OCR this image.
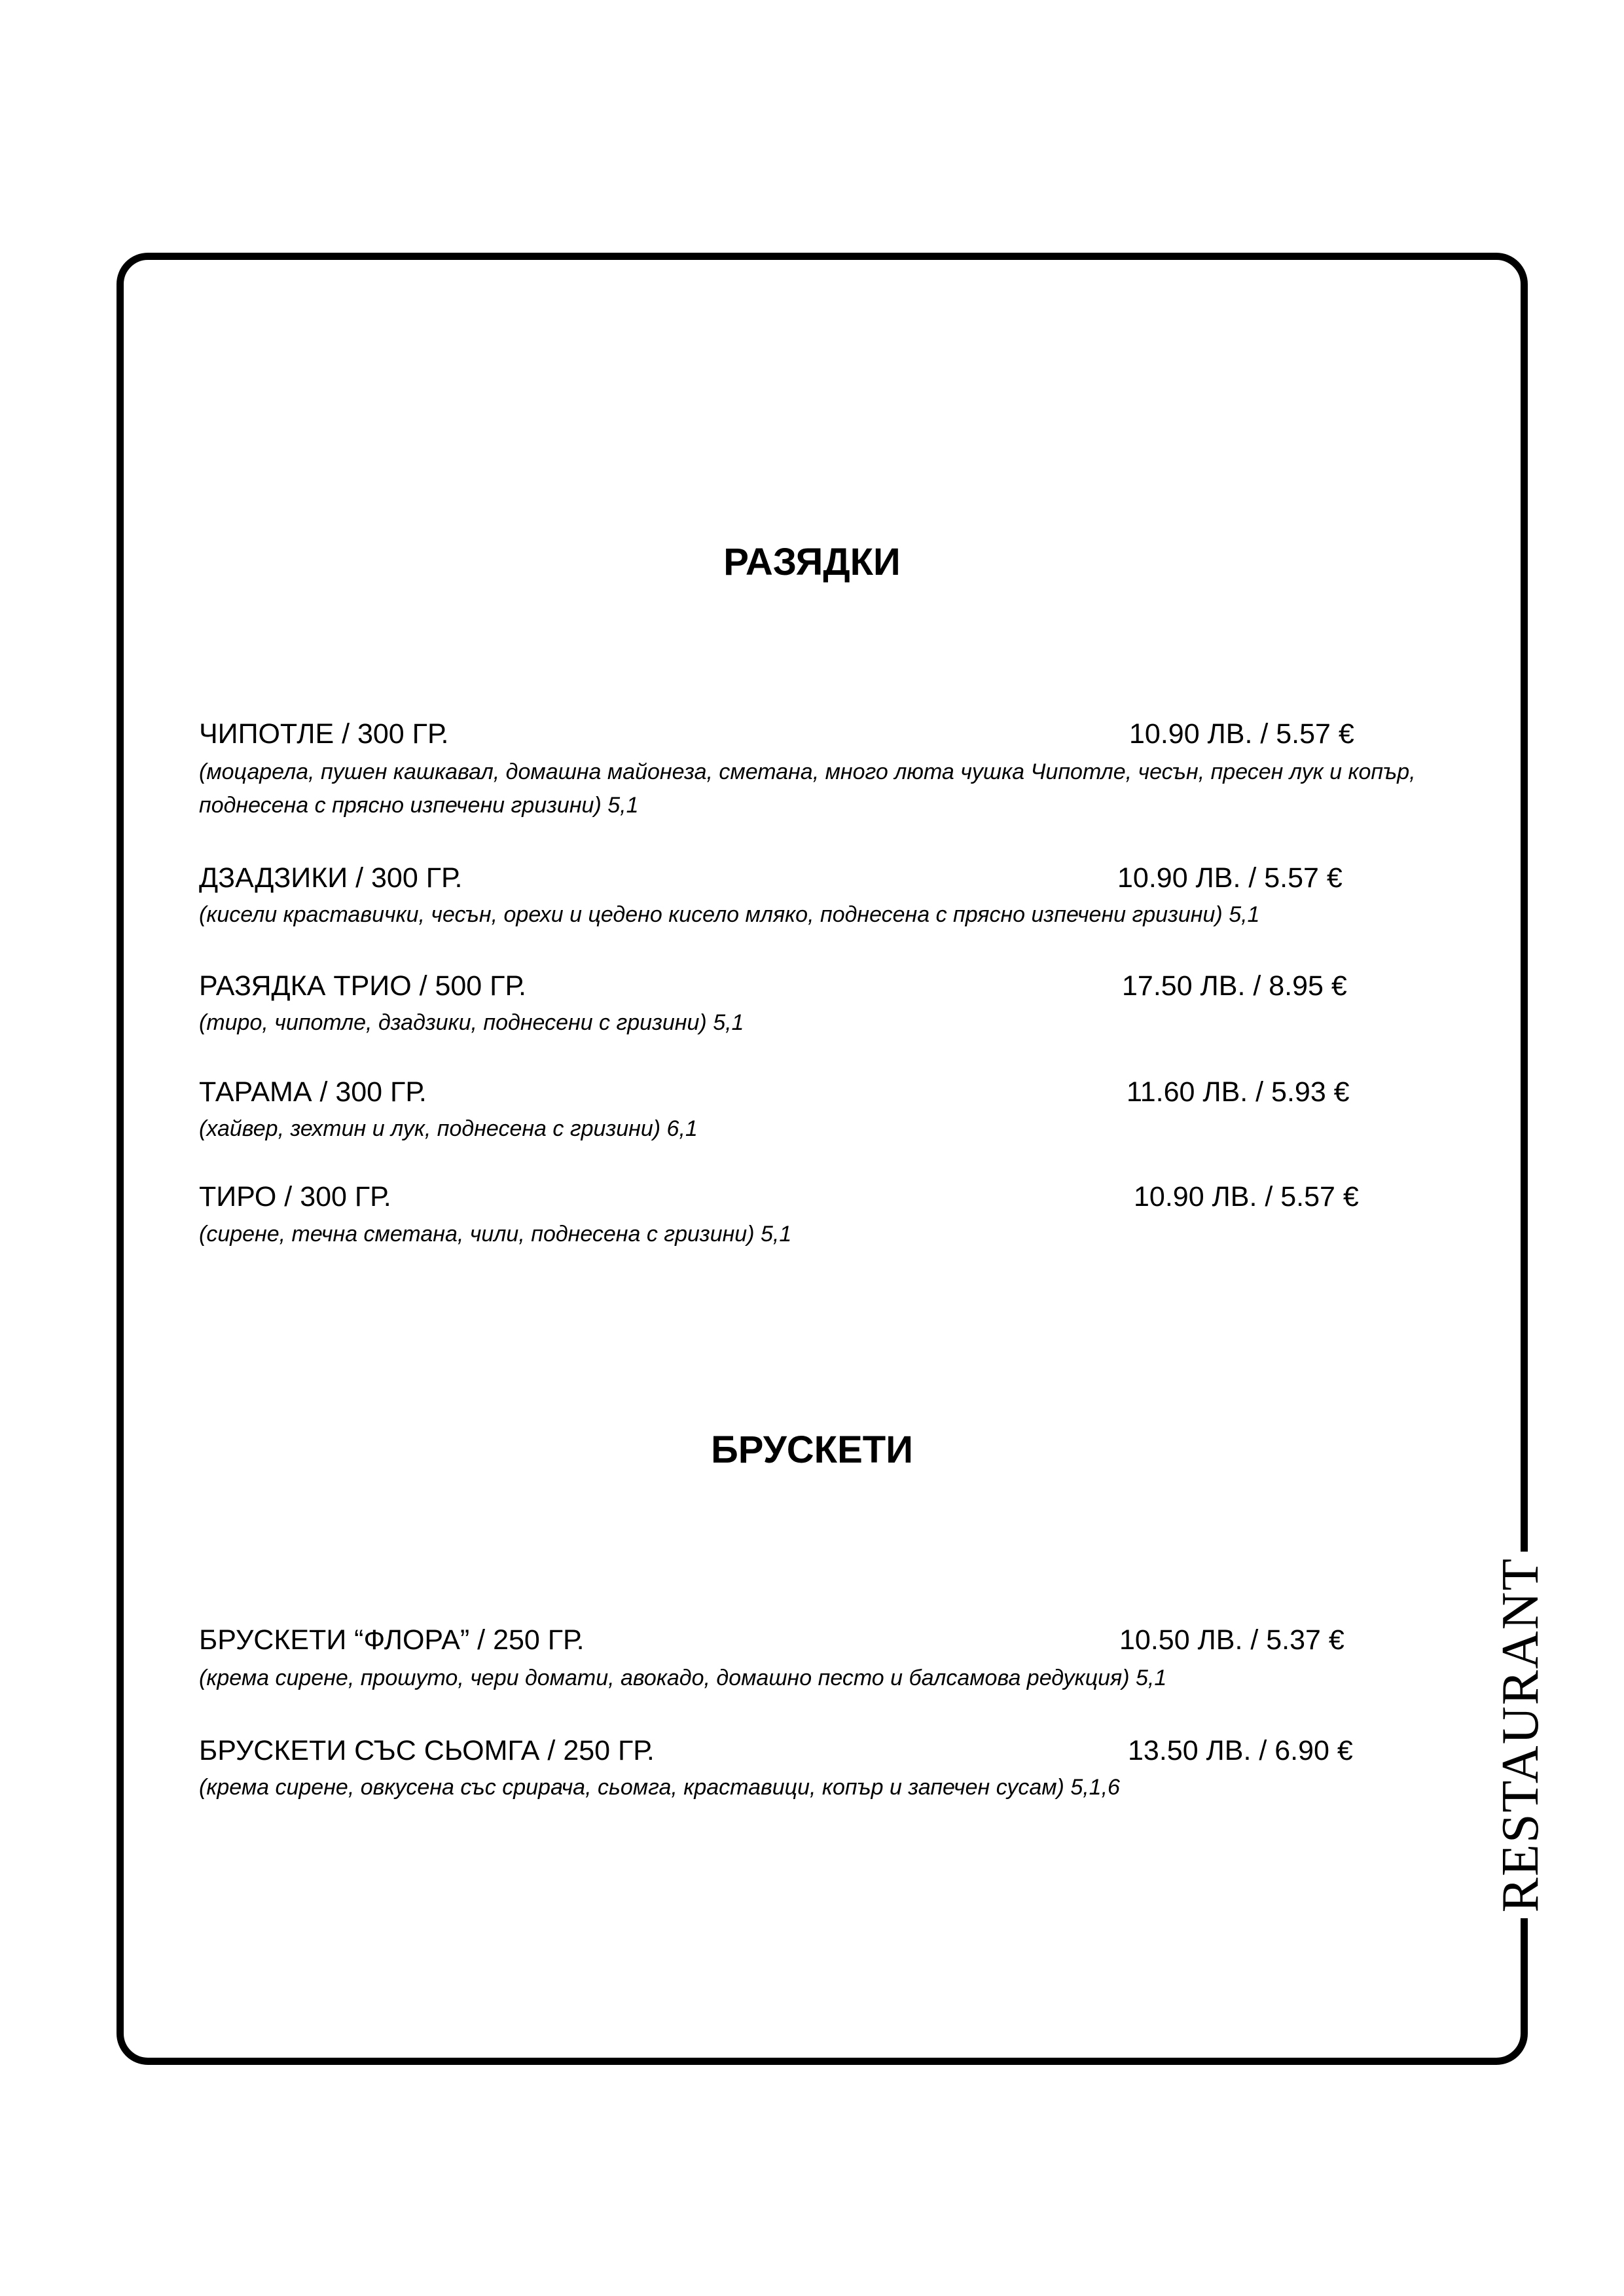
RESTAURANT
РАЗЯДКИ
ЧИПОТЛЕ / 300 ГР.	10.90 ЛВ. / 5.57 €
(моцарела, пушен кашкавал, домашна майонеза, сметана, много люта чушка Чипотле, чесън, пресен лук и копър, поднесена с прясно изпечени гризини) 5,1
ДЗАДЗИКИ / 300 ГР.	10.90 ЛВ. / 5.57 €
(кисели краставички, чесън, орехи и цедено кисело мляко, поднесена с прясно изпечени гризини) 5,1
РАЗЯДКА ТРИО / 500 ГР.	17.50 ЛВ. / 8.95 €
(тиро, чипотле, дзадзики, поднесени с гризини) 5,1
ТАРАМА / 300 ГР.	11.60 ЛВ. / 5.93 €
(хайвер, зехтин и лук, поднесена с гризини) 6,1
ТИРО / 300 ГР.	10.90 ЛВ. / 5.57 €
(сирене, течна сметана, чили, поднесена с гризини) 5,1
БРУСКЕТИ
БРУСКЕТИ “ФЛОРА” / 250 ГР.	10.50 ЛВ. / 5.37 €
(крема сирене, прошуто, чери домати, авокадо, домашно песто и балсамова редукция) 5,1
БРУСКЕТИ СЪС СЬОМГА / 250 ГР.	13.50 ЛВ. / 6.90 €
(крема сирене, овкусена със срирача, сьомга, краставици, копър и запечен сусам) 5,1,6
